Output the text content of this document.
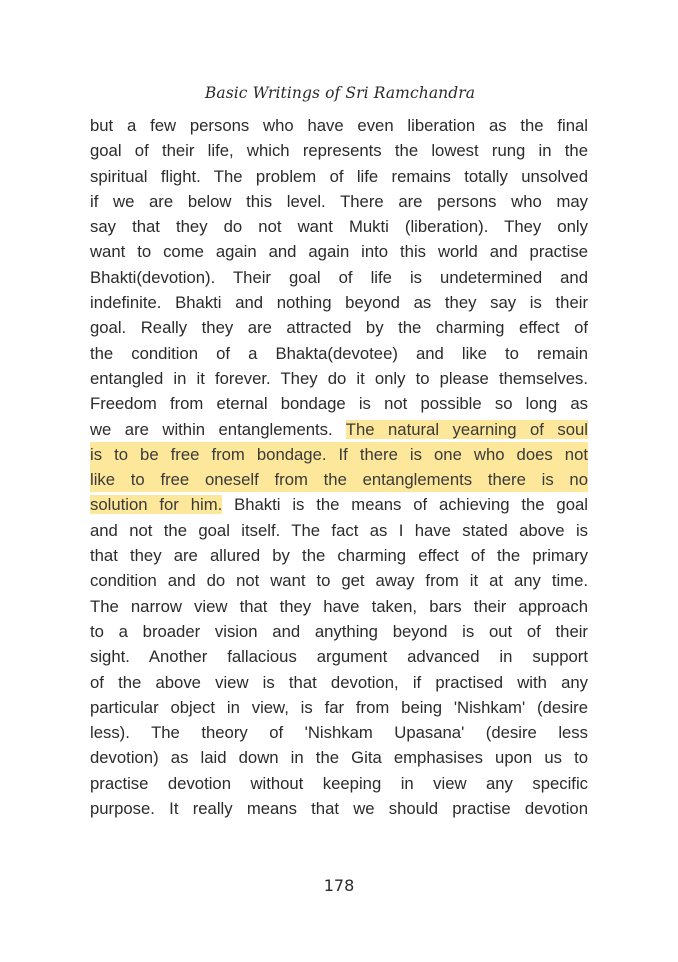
Basic Writings of Sri Ramchandra
but a few persons who have even liberation as the final
goal of their life, which represents the lowest rung in the
spiritual flight. The problem of life remains totally unsolved
if we are below this level. There are persons who may
say that they do not want Mukti (liberation). They only
want to come again and again into this world and practise
Bhakti(devotion). Their goal of life is undetermined and
indefinite. Bhakti and nothing beyond as they say is their
goal. Really they are attracted by the charming effect of
the condition of a Bhakta(devotee) and like to remain
entangled in it forever. They do it only to please themselves.
Freedom from eternal bondage is not possible so long as
we are within entanglements. The natural yearning of soul
is to be free from bondage. If there is one who does not
like to free oneself from the entanglements there is no
solution for him. Bhakti is the means of achieving the goal
and not the goal itself. The fact as I have stated above is
that they are allured by the charming effect of the primary
condition and do not want to get away from it at any time.
The narrow view that they have taken, bars their approach
to a broader vision and anything beyond is out of their
sight. Another fallacious argument advanced in support
of the above view is that devotion, if practised with any
particular object in view, is far from being 'Nishkam' (desire
less). The theory of 'Nishkam Upasana' (desire less
devotion) as laid down in the Gita emphasises upon us to
practise devotion without keeping in view any specific
purpose. It really means that we should practise devotion
178
